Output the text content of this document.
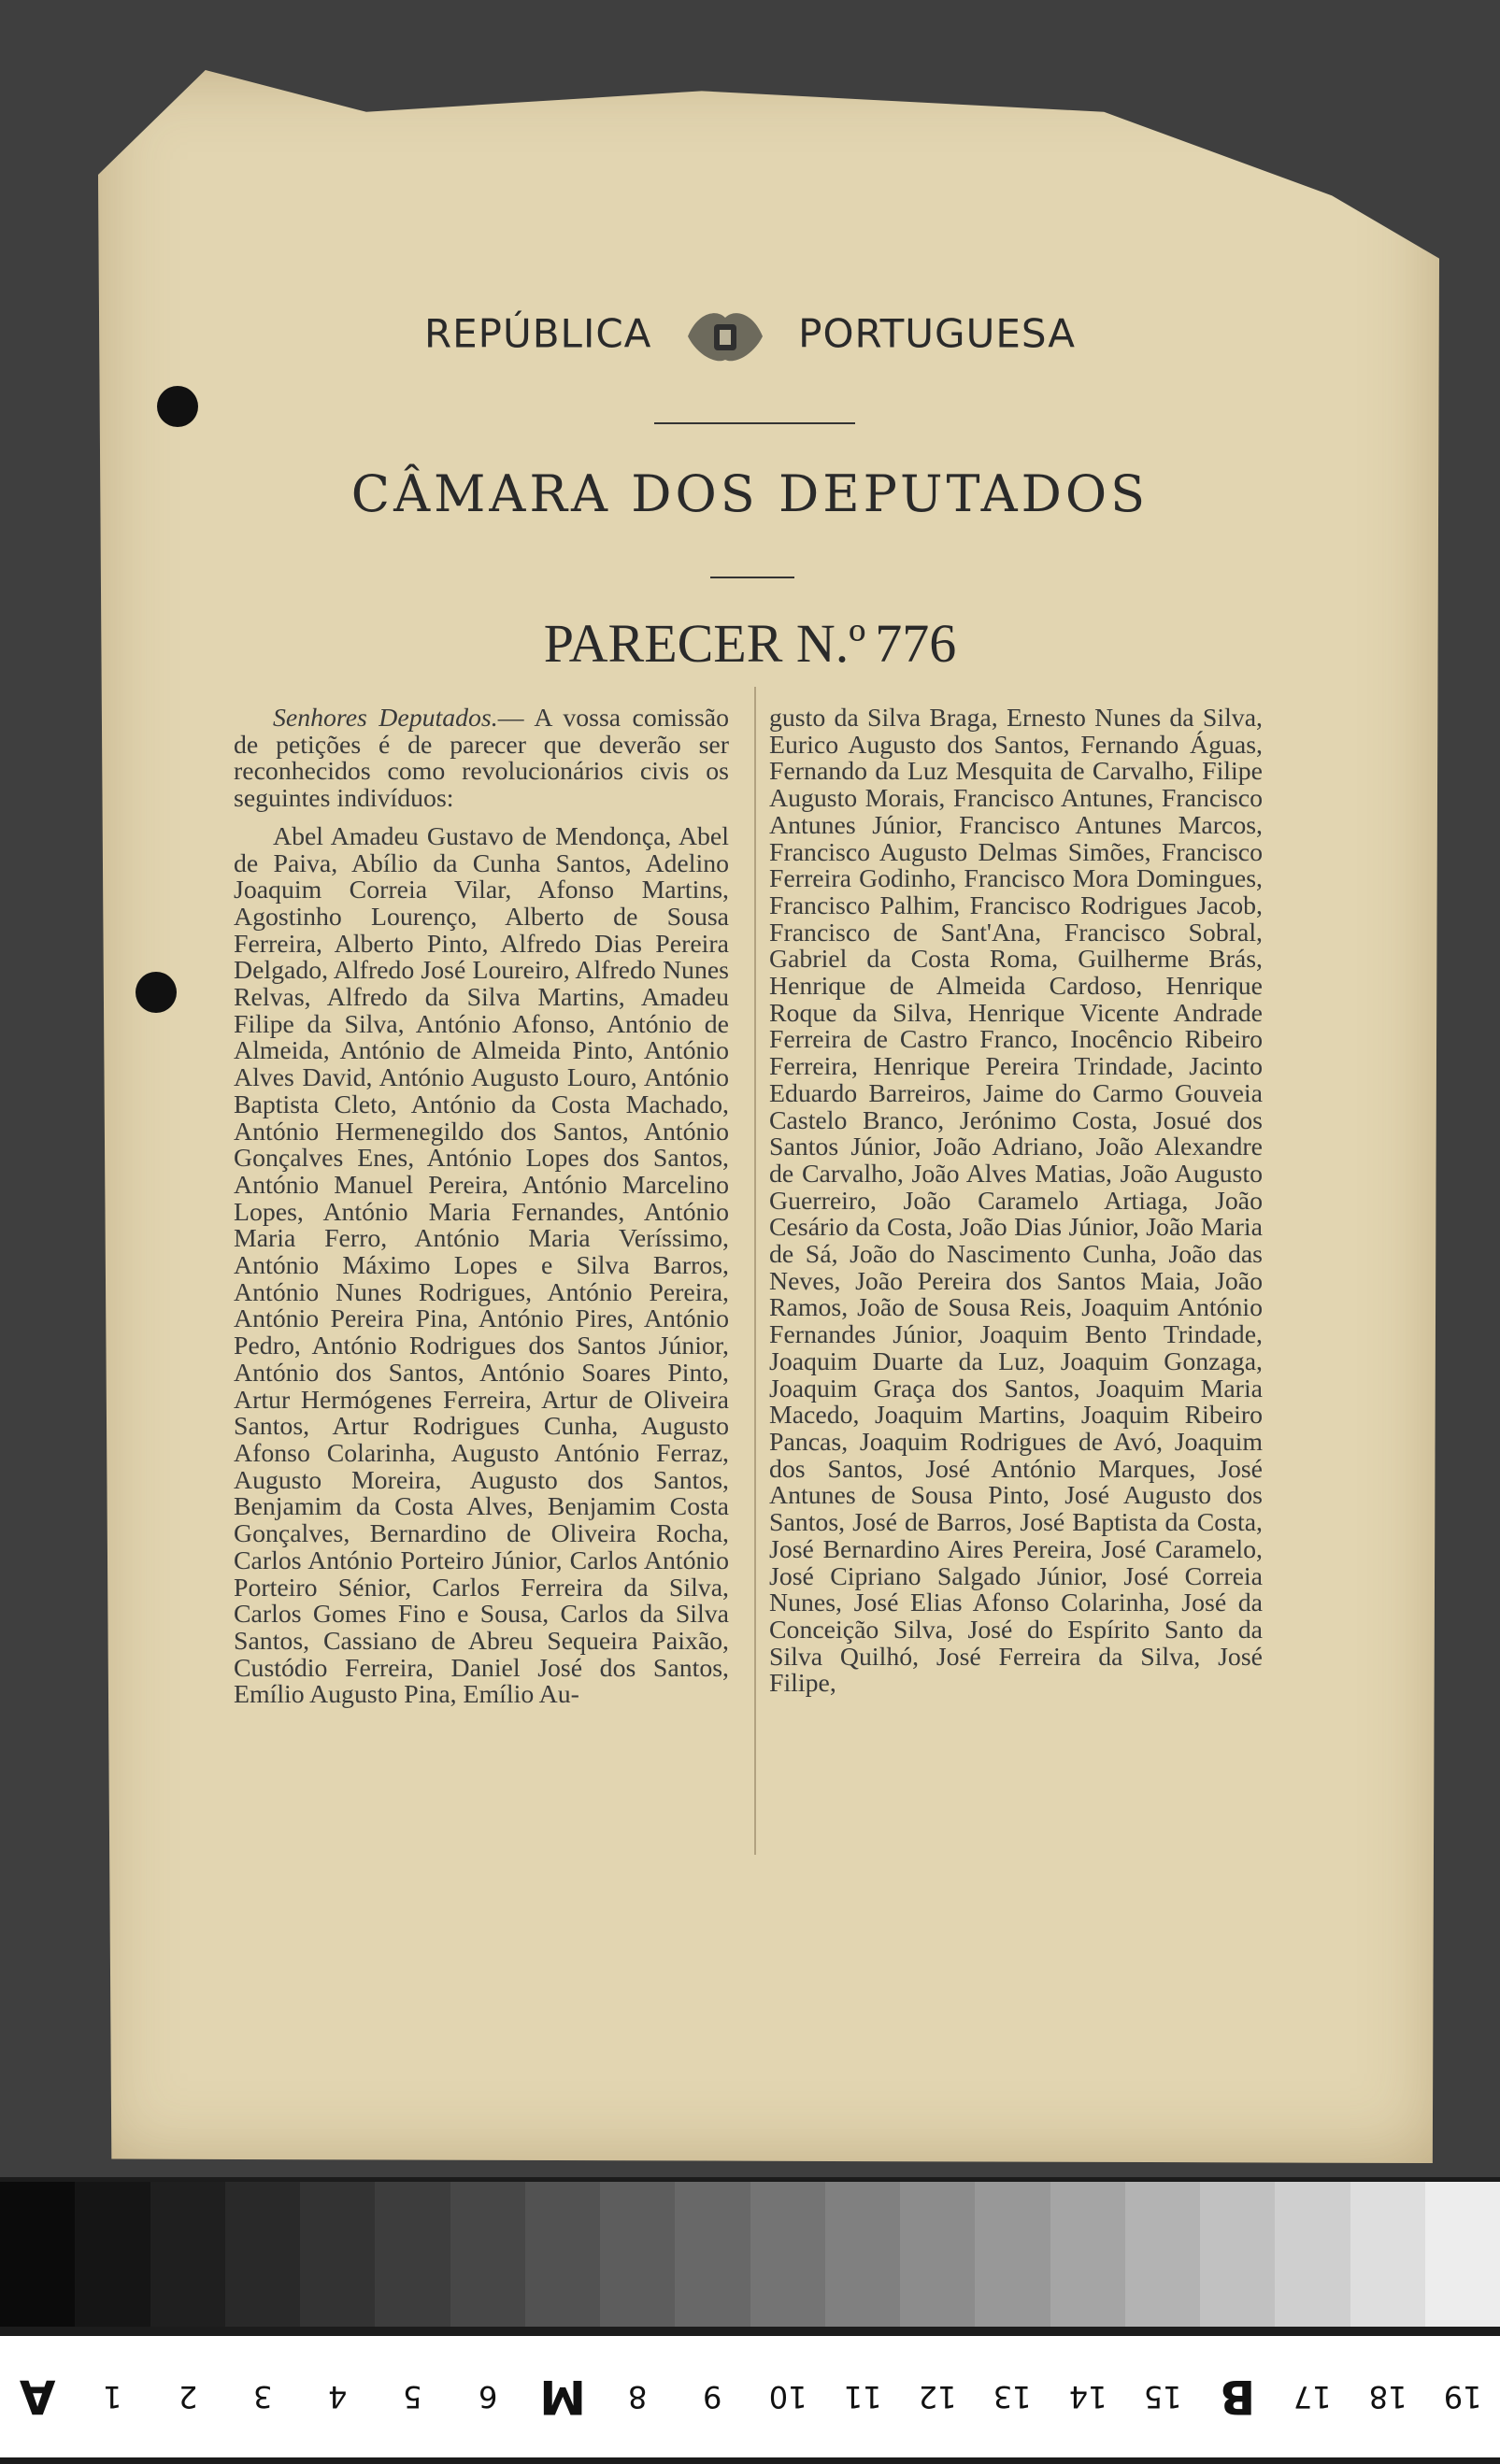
REPÚBLICA	PORTUGUESA
CÂMARA DOS DEPUTADOS
PARECER N.º 776

Senhores Deputados.— A vossa comissão de petições é de parecer que deverão ser reconhecidos como revolucionários civis os seguintes indivíduos:

Abel Amadeu Gustavo de Mendonça, Abel de Paiva, Abílio da Cunha Santos, Adelino Joaquim Correia Vilar, Afonso Martins, Agostinho Lourenço, Alberto de Sousa Ferreira, Alberto Pinto, Alfredo Dias Pereira Delgado, Alfredo José Loureiro, Alfredo Nunes Relvas, Alfredo da Silva Martins, Amadeu Filipe da Silva, António Afonso, António de Almeida, António de Almeida Pinto, António Alves David, António Augusto Louro, António Baptista Cleto, António da Costa Machado, António Hermenegildo dos Santos, António Gonçalves Enes, António Lopes dos Santos, António Manuel Pereira, António Marcelino Lopes, António Maria Fernandes, António Maria Ferro, António Maria Veríssimo, António Máximo Lopes e Silva Barros, António Nunes Rodrigues, António Pereira, António Pereira Pina, António Pires, António Pedro, António Rodrigues dos Santos Júnior, António dos Santos, António Soares Pinto, Artur Hermógenes Ferreira, Artur de Oliveira Santos, Artur Rodrigues Cunha, Augusto Afonso Colarinha, Augusto António Ferraz, Augusto Moreira, Augusto dos Santos, Benjamim da Costa Alves, Benjamim Costa Gonçalves, Bernardino de Oliveira Rocha, Carlos António Porteiro Júnior, Carlos António Porteiro Sénior, Carlos Ferreira da Silva, Carlos Gomes Fino e Sousa, Carlos da Silva Santos, Cassiano de Abreu Sequeira Paixão, Custódio Ferreira, Daniel José dos Santos, Emílio Augusto Pina, Emílio Au-

gusto da Silva Braga, Ernesto Nunes da Silva, Eurico Augusto dos Santos, Fernando Águas, Fernando da Luz Mesquita de Carvalho, Filipe Augusto Morais, Francisco Antunes, Francisco Antunes Júnior, Francisco Antunes Marcos, Francisco Augusto Delmas Simões, Francisco Ferreira Godinho, Francisco Mora Domingues, Francisco Palhim, Francisco Rodrigues Jacob, Francisco de Sant'Ana, Francisco Sobral, Gabriel da Costa Roma, Guilherme Brás, Henrique de Almeida Cardoso, Henrique Roque da Silva, Henrique Vicente Andrade Ferreira de Castro Franco, Inocêncio Ribeiro Ferreira, Henrique Pereira Trindade, Jacinto Eduardo Barreiros, Jaime do Carmo Gouveia Castelo Branco, Jerónimo Costa, Josué dos Santos Júnior, João Adriano, João Alexandre de Carvalho, João Alves Matias, João Augusto Guerreiro, João Caramelo Artiaga, João Cesário da Costa, João Dias Júnior, João Maria de Sá, João do Nascimento Cunha, João das Neves, João Pereira dos Santos Maia, João Ramos, João de Sousa Reis, Joaquim António Fernandes Júnior, Joaquim Bento Trindade, Joaquim Duarte da Luz, Joaquim Gonzaga, Joaquim Graça dos Santos, Joaquim Maria Macedo, Joaquim Martins, Joaquim Ribeiro Pancas, Joaquim Rodrigues de Avó, Joaquim dos Santos, José António Marques, José Antunes de Sousa Pinto, José Augusto dos Santos, José de Barros, José Baptista da Costa, José Bernardino Aires Pereira, José Caramelo, José Cipriano Salgado Júnior, José Correia Nunes, José Elias Afonso Colarinha, José da Conceição Silva, José do Espírito Santo da Silva Quilhó, José Ferreira da Silva, José Filipe,

A	1	2	3	4	5	6 M	8	9	10	11	12	13	14	15 B	17	18	19
